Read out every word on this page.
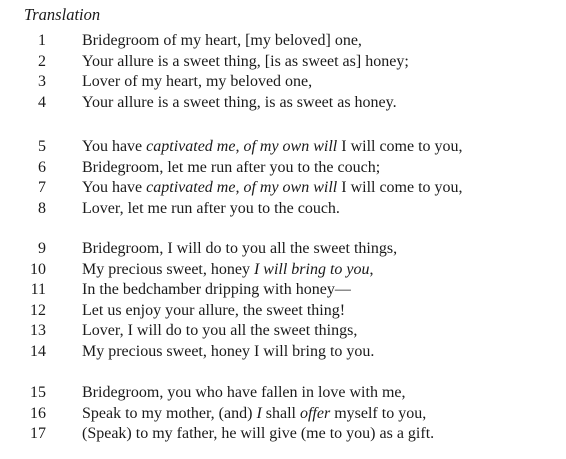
Translation
1 Bridegroom of my heart, [my beloved] one,
2 Your allure is a sweet thing, [is as sweet as] honey;
3 Lover of my heart, my beloved one,
4 Your allure is a sweet thing, is as sweet as honey.
5 You have captivated me, of my own will I will come to you,
6 Bridegroom, let me run after you to the couch;
7 You have captivated me, of my own will I will come to you,
8 Lover, let me run after you to the couch.
9 Bridegroom, I will do to you all the sweet things,
10 My precious sweet, honey I will bring to you,
11 In the bedchamber dripping with honey—
12 Let us enjoy your allure, the sweet thing!
13 Lover, I will do to you all the sweet things,
14 My precious sweet, honey I will bring to you.
15 Bridegroom, you who have fallen in love with me,
16 Speak to my mother, (and) I shall offer myself to you,
17 (Speak) to my father, he will give (me to you) as a gift.
